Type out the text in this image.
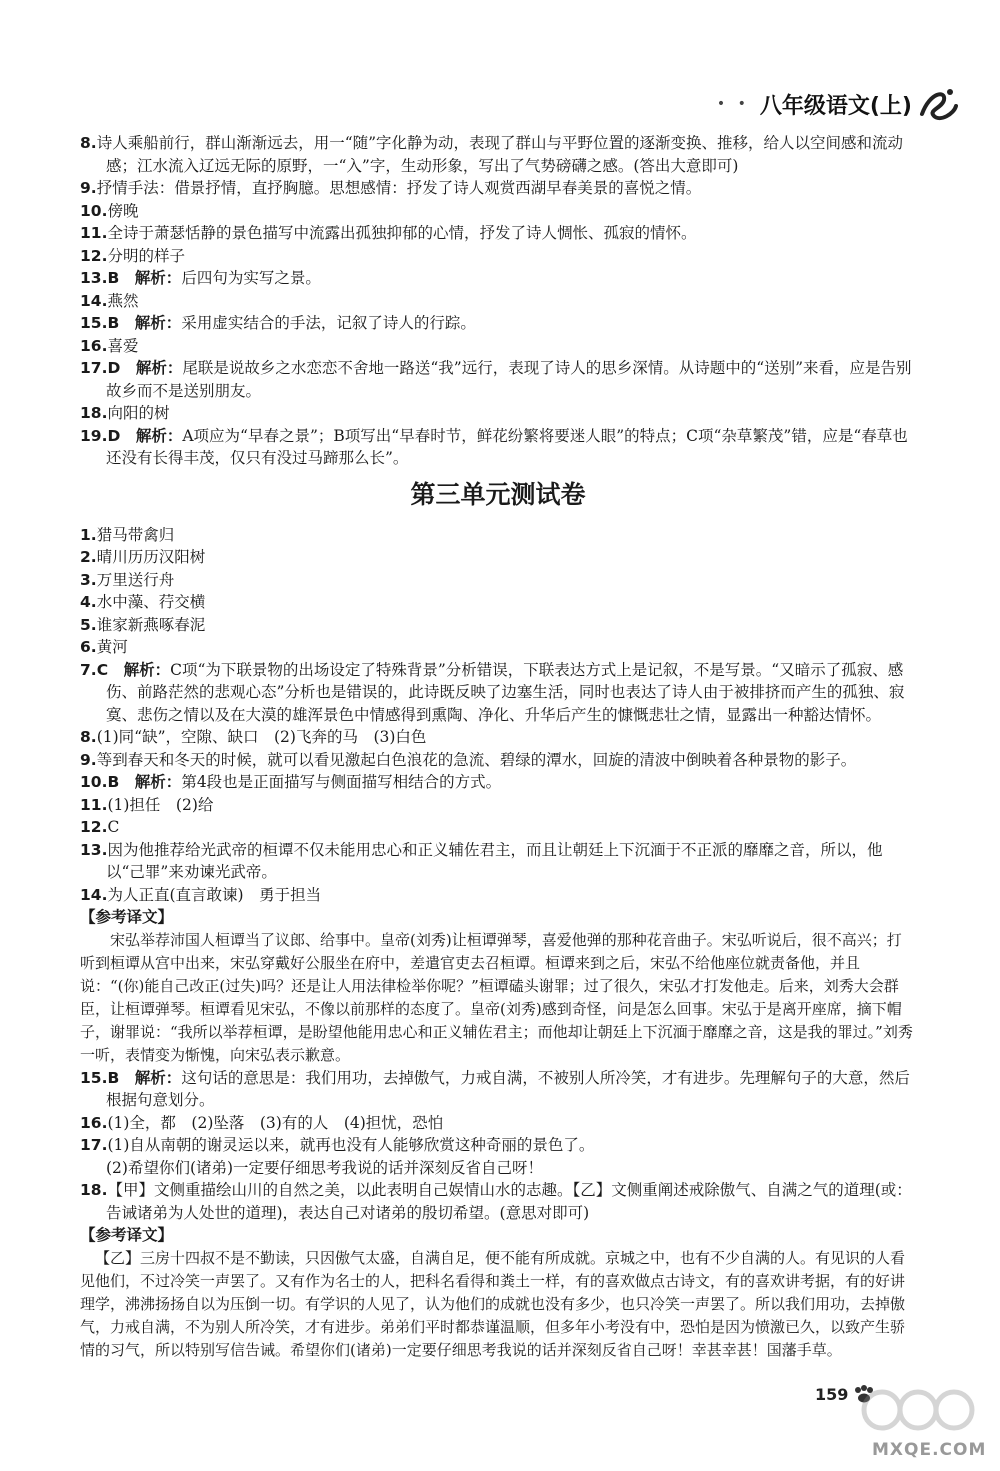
• • 八年级语文(上)

8.诗人乘船前行，群山渐渐远去，用一“随”字化静为动，表现了群山与平野位置的逐渐变换、推移，给人以空间感和流动感；江水流入辽远无际的原野，一“入”字，生动形象，写出了气势磅礴之感。(答出大意即可)

9.抒情手法：借景抒情，直抒胸臆。思想感情：抒发了诗人观赏西湖早春美景的喜悦之情。

10.傍晚

11.全诗于萧瑟恬静的景色描写中流露出孤独抑郁的心情，抒发了诗人惆怅、孤寂的情怀。

12.分明的样子

13.B  解析：后四句为实写之景。

14.燕然

15.B  解析：采用虚实结合的手法，记叙了诗人的行踪。

16.喜爱

17.D  解析：尾联是说故乡之水恋恋不舍地一路送“我”远行，表现了诗人的思乡深情。从诗题中的“送别”来看，应是告别故乡而不是送别朋友。

18.向阳的树

19.D  解析：A项应为“早春之景”；B项写出“早春时节，鲜花纷繁将要迷人眼”的特点；C项“杂草繁茂”错，应是“春草也还没有长得丰茂，仅只有没过马蹄那么长”。

第三单元测试卷

1.猎马带禽归

2.晴川历历汉阳树

3.万里送行舟

4.水中藻、荇交横

5.谁家新燕啄春泥

6.黄河

7.C  解析：C项“为下联景物的出场设定了特殊背景”分析错误，下联表达方式上是记叙，不是写景。“又暗示了孤寂、感伤、前路茫然的悲观心态”分析也是错误的，此诗既反映了边塞生活，同时也表达了诗人由于被排挤而产生的孤独、寂寞、悲伤之情以及在大漠的雄浑景色中情感得到熏陶、净化、升华后产生的慷慨悲壮之情，显露出一种豁达情怀。

8.(1)同“缺”，空隙、缺口　(2)飞奔的马　(3)白色

9.等到春天和冬天的时候，就可以看见激起白色浪花的急流、碧绿的潭水，回旋的清波中倒映着各种景物的影子。

10.B  解析：第4段也是正面描写与侧面描写相结合的方式。

11.(1)担任　(2)给

12.C

13.因为他推荐给光武帝的桓谭不仅未能用忠心和正义辅佐君主，而且让朝廷上下沉湎于不正派的靡靡之音，所以，他以“己罪”来劝谏光武帝。

14.为人正直(直言敢谏)　勇于担当

【参考译文】

宋弘举荐沛国人桓谭当了议郎、给事中。皇帝(刘秀)让桓谭弹琴，喜爱他弹的那种花音曲子。宋弘听说后，很不高兴；打听到桓谭从宫中出来，宋弘穿戴好公服坐在府中，差遣官吏去召桓谭。桓谭来到之后，宋弘不给他座位就责备他，并且说：“(你)能自己改正(过失)吗？还是让人用法律检举你呢？”桓谭磕头谢罪；过了很久，宋弘才打发他走。后来，刘秀大会群臣，让桓谭弹琴。桓谭看见宋弘，不像以前那样的态度了。皇帝(刘秀)感到奇怪，问是怎么回事。宋弘于是离开座席，摘下帽子，谢罪说：“我所以举荐桓谭，是盼望他能用忠心和正义辅佐君主；而他却让朝廷上下沉湎于靡靡之音，这是我的罪过。”刘秀一听，表情变为惭愧，向宋弘表示歉意。

15.B  解析：这句话的意思是：我们用功，去掉傲气，力戒自满，不被别人所冷笑，才有进步。先理解句子的大意，然后根据句意划分。

16.(1)全，都　(2)坠落　(3)有的人　(4)担忧，恐怕

17.(1)自从南朝的谢灵运以来，就再也没有人能够欣赏这种奇丽的景色了。

(2)希望你们(诸弟)一定要仔细思考我说的话并深刻反省自己呀！

18.【甲】文侧重描绘山川的自然之美，以此表明自己娱情山水的志趣。【乙】文侧重阐述戒除傲气、自满之气的道理(或：告诫诸弟为人处世的道理)，表达自己对诸弟的殷切希望。(意思对即可)

【参考译文】

【乙】三房十四叔不是不勤读，只因傲气太盛，自满自足，便不能有所成就。京城之中，也有不少自满的人。有见识的人看见他们，不过冷笑一声罢了。又有作为名士的人，把科名看得和粪土一样，有的喜欢做点古诗文，有的喜欢讲考据，有的好讲理学，沸沸扬扬自以为压倒一切。有学识的人见了，认为他们的成就也没有多少，也只冷笑一声罢了。所以我们用功，去掉傲气，力戒自满，不为别人所冷笑，才有进步。弟弟们平时都恭谨温顺，但多年小考没有中，恐怕是因为愤激已久，以致产生骄情的习气，所以特别写信告诫。希望你们(诸弟)一定要仔细思考我说的话并深刻反省自己呀！幸甚幸甚！国藩手草。

159
MXQE.COM
